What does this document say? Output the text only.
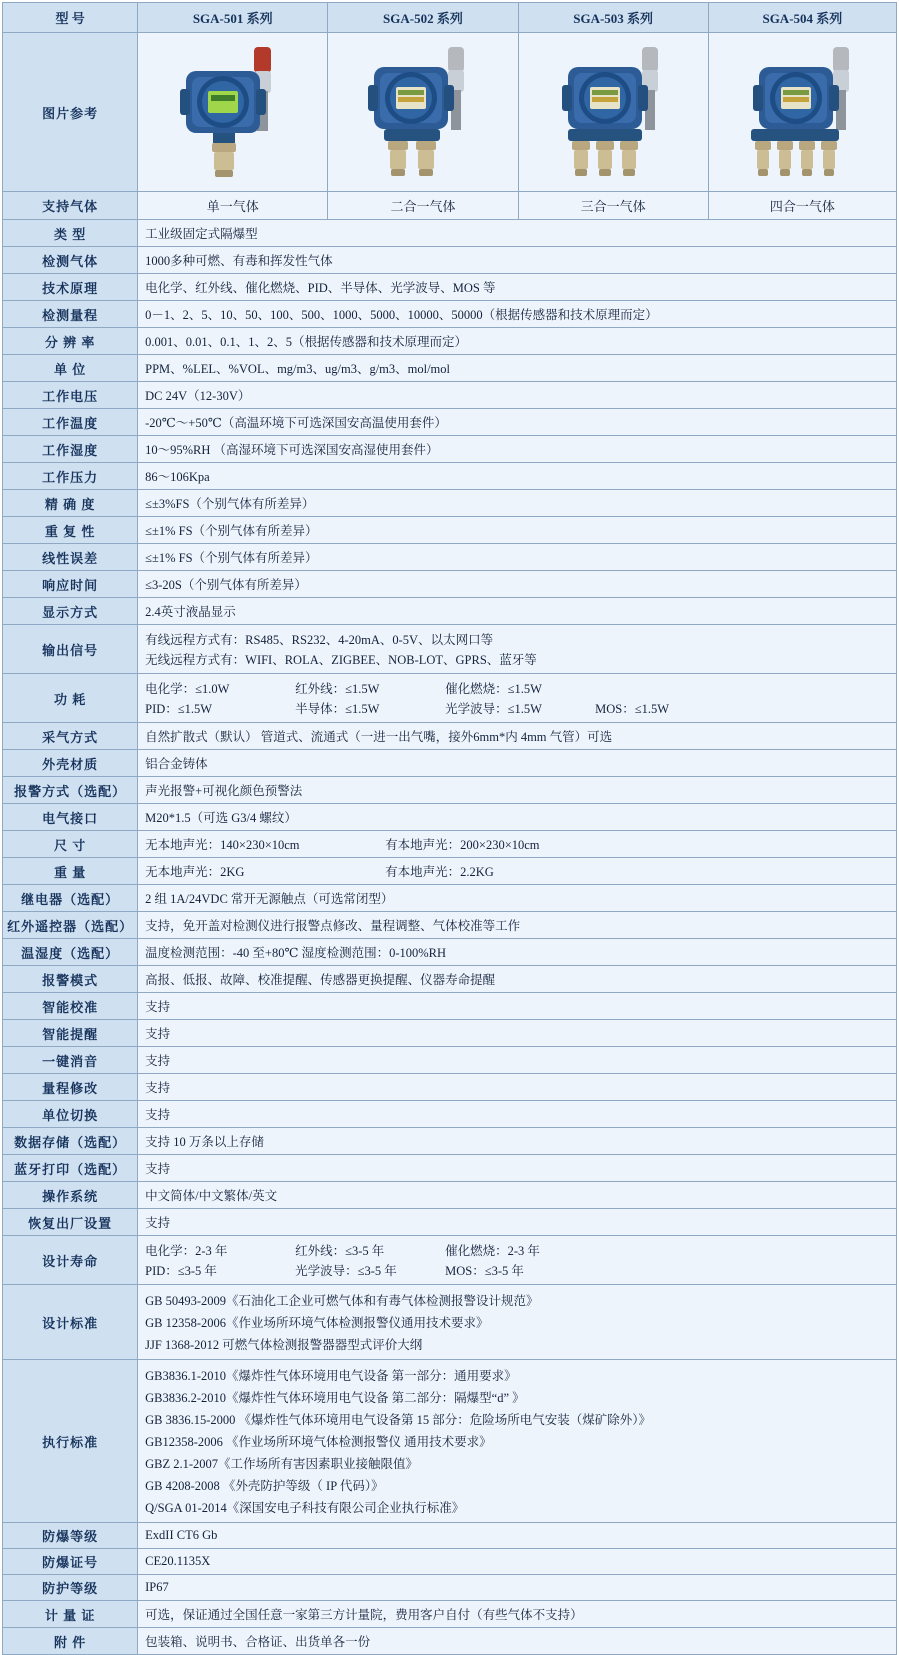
型 号	SGA-501 系列	SGA-502 系列	SGA-503 系列	SGA-504 系列
图片参考	

支持气体	单一气体	二合一气体	三合一气体	四合一气体
类 型	工业级固定式隔爆型			
检测气体	1000多种可燃、有毒和挥发性气体			
技术原理	电化学、红外线、催化燃烧、PID、半导体、光学波导、MOS 等			
检测量程	0－1、2、5、10、50、100、500、1000、5000、10000、50000（根据传感器和技术原理而定）			
分 辨 率	0.001、0.01、0.1、1、2、5（根据传感器和技术原理而定）			
单 位	PPM、%LEL、%VOL、mg/m3、ug/m3、g/m3、mol/mol			
工作电压	DC 24V（12-30V）			
工作温度	-20℃～+50℃（高温环境下可选深国安高温使用套件）			
工作湿度	10～95%RH （高湿环境下可选深国安高湿使用套件）			
工作压力	86～106Kpa			
精 确 度	≤±3%FS（个别气体有所差异）			
重 复 性	≤±1% FS（个别气体有所差异）			
线性误差	≤±1% FS（个别气体有所差异）			
响应时间	≤3-20S（个别气体有所差异）			
显示方式	2.4英寸液晶显示			
输出信号	有线远程方式有：RS485、RS232、4-20mA、0-5V、以太网口等
无线远程方式有：WIFI、ROLA、ZIGBEE、NOB-LOT、GPRS、蓝牙等			

功 耗	电化学：≤1.0W 红外线：≤1.5W 催化燃烧：≤1.5W
PID：≤1.5W 半导体：≤1.5W 光学波导：≤1.5W MOS：≤1.5W			

采气方式	自然扩散式（默认） 管道式、流通式（一进一出气嘴，接外6mm*内 4mm 气管）可选			
外壳材质	铝合金铸体			
报警方式（选配）	声光报警+可视化颜色预警法			
电气接口	M20*1.5（可选 G3/4 螺纹）			
尺 寸	无本地声光：140×230×10cm 有本地声光：200×230×10cm			
重 量	无本地声光：2KG 有本地声光：2.2KG			
继电器（选配）	2 组 1A/24VDC 常开无源触点（可选常闭型）			
红外遥控器（选配）	支持，免开盖对检测仪进行报警点修改、量程调整、气体校准等工作			
温湿度（选配）	温度检测范围：-40 至+80℃ 湿度检测范围：0-100%RH			
报警模式	高报、低报、故障、校准提醒、传感器更换提醒、仪器寿命提醒			
智能校准	支持			
智能提醒	支持			
一键消音	支持			
量程修改	支持			
单位切换	支持			
数据存储（选配）	支持 10 万条以上存储			
蓝牙打印（选配）	支持			
操作系统	中文简体/中文繁体/英文			
恢复出厂设置	支持			
设计寿命	电化学：2-3 年 红外线：≤3-5 年 催化燃烧：2-3 年
PID：≤3-5 年 光学波导：≤3-5 年 MOS：≤3-5 年			

设计标准	GB 50493-2009《石油化工企业可燃气体和有毒气体检测报警设计规范》
GB 12358-2006《作业场所环境气体检测报警仪通用技术要求》
JJF 1368-2012 可燃气体检测报警器器型式评价大纲			

执行标准	
GB3836.1-2010《爆炸性气体环境用电气设备 第一部分：通用要求》
GB3836.2-2010《爆炸性气体环境用电气设备 第二部分：隔爆型“d” 》
GB 3836.15-2000 《爆炸性气体环境用电气设备第 15 部分：危险场所电气安装（煤矿除外）》
GB12358-2006 《作业场所环境气体检测报警仪 通用技术要求》
GBZ 2.1-2007《工作场所有害因素职业接触限值》
GB 4208-2008 《外壳防护等级（ IP 代码）》
Q/SGA 01-2014《深国安电子科技有限公司企业执行标准》

防爆等级	ExdII CT6 Gb			
防爆证号	CE20.1135X			
防护等级	IP67			
计 量 证	可选，保证通过全国任意一家第三方计量院，费用客户自付（有些气体不支持）			
附 件	包装箱、说明书、合格证、出货单各一份			
